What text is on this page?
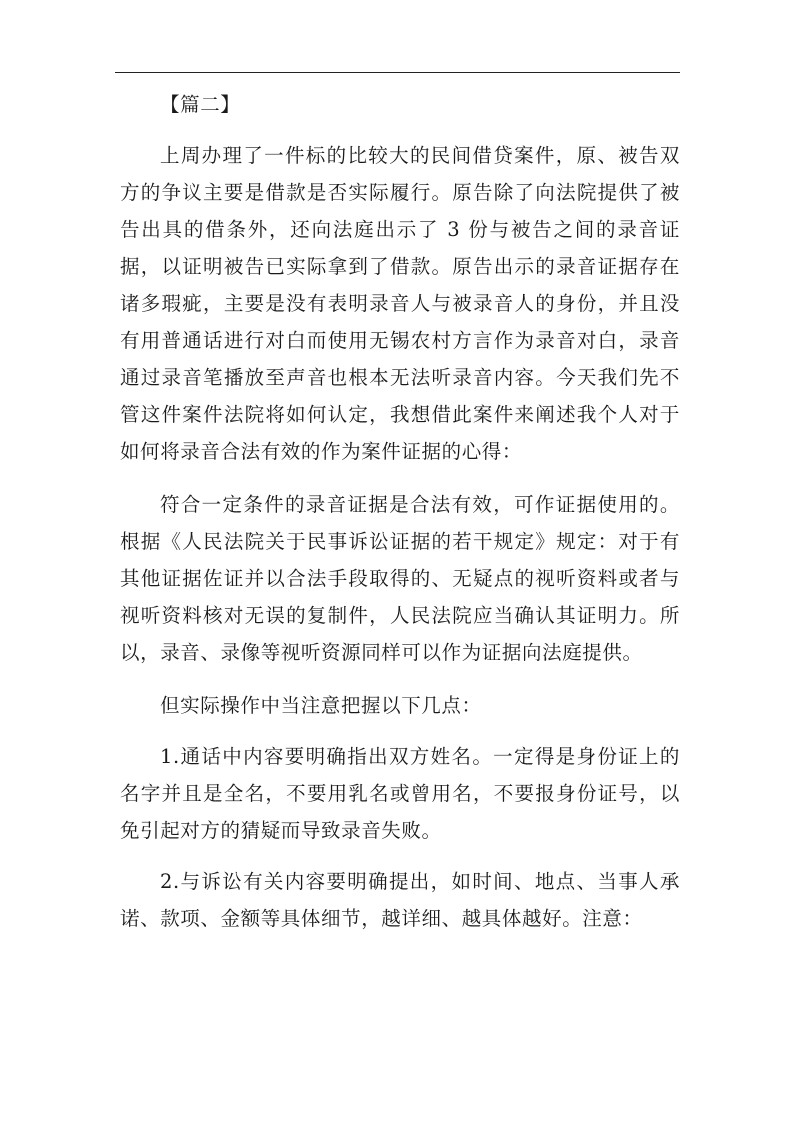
【篇二】

上周办理了一件标的比较大的民间借贷案件，原、被告双方的争议主要是借款是否实际履行。原告除了向法院提供了被告出具的借条外，还向法庭出示了 3 份与被告之间的录音证据，以证明被告已实际拿到了借款。原告出示的录音证据存在诸多瑕疵，主要是没有表明录音人与被录音人的身份，并且没有用普通话进行对白而使用无锡农村方言作为录音对白，录音通过录音笔播放至声音也根本无法听录音内容。今天我们先不管这件案件法院将如何认定，我想借此案件来阐述我个人对于如何将录音合法有效的作为案件证据的心得：

符合一定条件的录音证据是合法有效，可作证据使用的。根据《人民法院关于民事诉讼证据的若干规定》规定：对于有其他证据佐证并以合法手段取得的、无疑点的视听资料或者与视听资料核对无误的复制件，人民法院应当确认其证明力。所以，录音、录像等视听资源同样可以作为证据向法庭提供。

但实际操作中当注意把握以下几点：

1.通话中内容要明确指出双方姓名。一定得是身份证上的名字并且是全名，不要用乳名或曾用名，不要报身份证号，以免引起对方的猜疑而导致录音失败。

2.与诉讼有关内容要明确提出，如时间、地点、当事人承诺、款项、金额等具体细节，越详细、越具体越好。注意：
